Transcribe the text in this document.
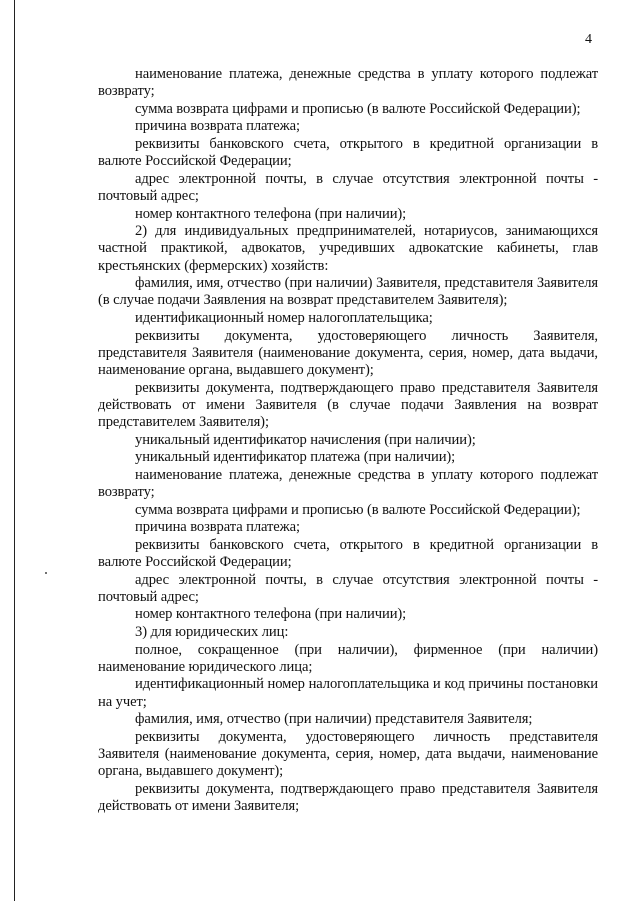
4

наименование платежа, денежные средства в уплату которого подлежат возврату;

сумма возврата цифрами и прописью (в валюте Российской Федерации);

причина возврата платежа;

реквизиты банковского счета, открытого в кредитной организации в валюте Российской Федерации;

адрес электронной почты, в случае отсутствия электронной почты - почтовый адрес;

номер контактного телефона (при наличии);

2) для индивидуальных предпринимателей, нотариусов, занимающихся частной практикой, адвокатов, учредивших адвокатские кабинеты, глав крестьянских (фермерских) хозяйств:

фамилия, имя, отчество (при наличии) Заявителя, представителя Заявителя (в случае подачи Заявления на возврат представителем Заявителя);

идентификационный номер налогоплательщика;

реквизиты документа, удостоверяющего личность Заявителя, представителя Заявителя (наименование документа, серия, номер, дата выдачи, наименование органа, выдавшего документ);

реквизиты документа, подтверждающего право представителя Заявителя действовать от имени Заявителя (в случае подачи Заявления на возврат представителем Заявителя);

уникальный идентификатор начисления (при наличии);

уникальный идентификатор платежа (при наличии);

наименование платежа, денежные средства в уплату которого подлежат возврату;

сумма возврата цифрами и прописью (в валюте Российской Федерации);

причина возврата платежа;

реквизиты банковского счета, открытого в кредитной организации в валюте Российской Федерации;

адрес электронной почты, в случае отсутствия электронной почты - почтовый адрес;

номер контактного телефона (при наличии);

3) для юридических лиц:

полное, сокращенное (при наличии), фирменное (при наличии) наименование юридического лица;

идентификационный номер налогоплательщика и код причины постановки на учет;

фамилия, имя, отчество (при наличии) представителя Заявителя;

реквизиты документа, удостоверяющего личность представителя Заявителя (наименование документа, серия, номер, дата выдачи, наименование органа, выдавшего документ);

реквизиты документа, подтверждающего право представителя Заявителя действовать от имени Заявителя;
